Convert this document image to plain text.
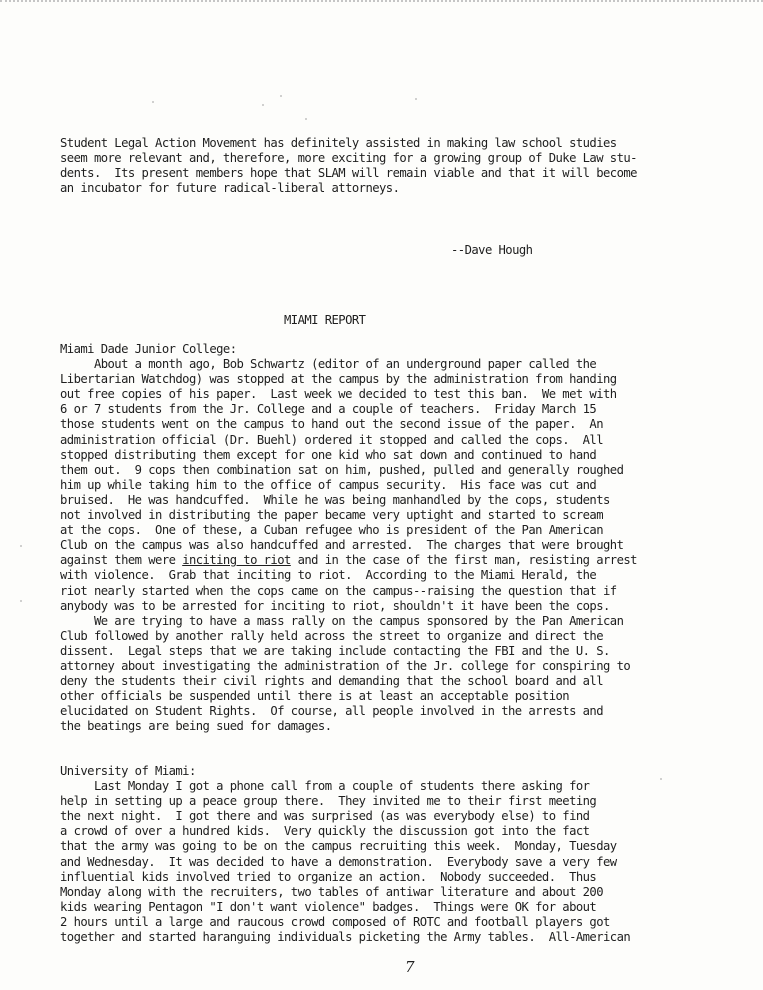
Student Legal Action Movement has definitely assisted in making law school studies
seem more relevant and, therefore, more exciting for a growing group of Duke Law stu-
dents.  Its present members hope that SLAM will remain viable and that it will become
an incubator for future radical-liberal attorneys.
--Dave Hough
MIAMI REPORT
Miami Dade Junior College:
About a month ago, Bob Schwartz (editor of an underground paper called the
Libertarian Watchdog) was stopped at the campus by the administration from handing
out free copies of his paper.  Last week we decided to test this ban.  We met with
6 or 7 students from the Jr. College and a couple of teachers.  Friday March 15
those students went on the campus to hand out the second issue of the paper.  An
administration official (Dr. Buehl) ordered it stopped and called the cops.  All
stopped distributing them except for one kid who sat down and continued to hand
them out.  9 cops then combination sat on him, pushed, pulled and generally roughed
him up while taking him to the office of campus security.  His face was cut and
bruised.  He was handcuffed.  While he was being manhandled by the cops, students
not involved in distributing the paper became very uptight and started to scream
at the cops.  One of these, a Cuban refugee who is president of the Pan American
Club on the campus was also handcuffed and arrested.  The charges that were brought
against them were inciting to riot and in the case of the first man, resisting arrest
with violence.  Grab that inciting to riot.  According to the Miami Herald, the
riot nearly started when the cops came on the campus--raising the question that if
anybody was to be arrested for inciting to riot, shouldn't it have been the cops.
We are trying to have a mass rally on the campus sponsored by the Pan American
Club followed by another rally held across the street to organize and direct the
dissent.  Legal steps that we are taking include contacting the FBI and the U. S.
attorney about investigating the administration of the Jr. college for conspiring to
deny the students their civil rights and demanding that the school board and all
other officials be suspended until there is at least an acceptable position
elucidated on Student Rights.  Of course, all people involved in the arrests and
the beatings are being sued for damages.
University of Miami:
Last Monday I got a phone call from a couple of students there asking for
help in setting up a peace group there.  They invited me to their first meeting
the next night.  I got there and was surprised (as was everybody else) to find
a crowd of over a hundred kids.  Very quickly the discussion got into the fact
that the army was going to be on the campus recruiting this week.  Monday, Tuesday
and Wednesday.  It was decided to have a demonstration.  Everybody save a very few
influential kids involved tried to organize an action.  Nobody succeeded.  Thus
Monday along with the recruiters, two tables of antiwar literature and about 200
kids wearing Pentagon "I don't want violence" badges.  Things were OK for about
2 hours until a large and raucous crowd composed of ROTC and football players got
together and started haranguing individuals picketing the Army tables.  All-American
7
